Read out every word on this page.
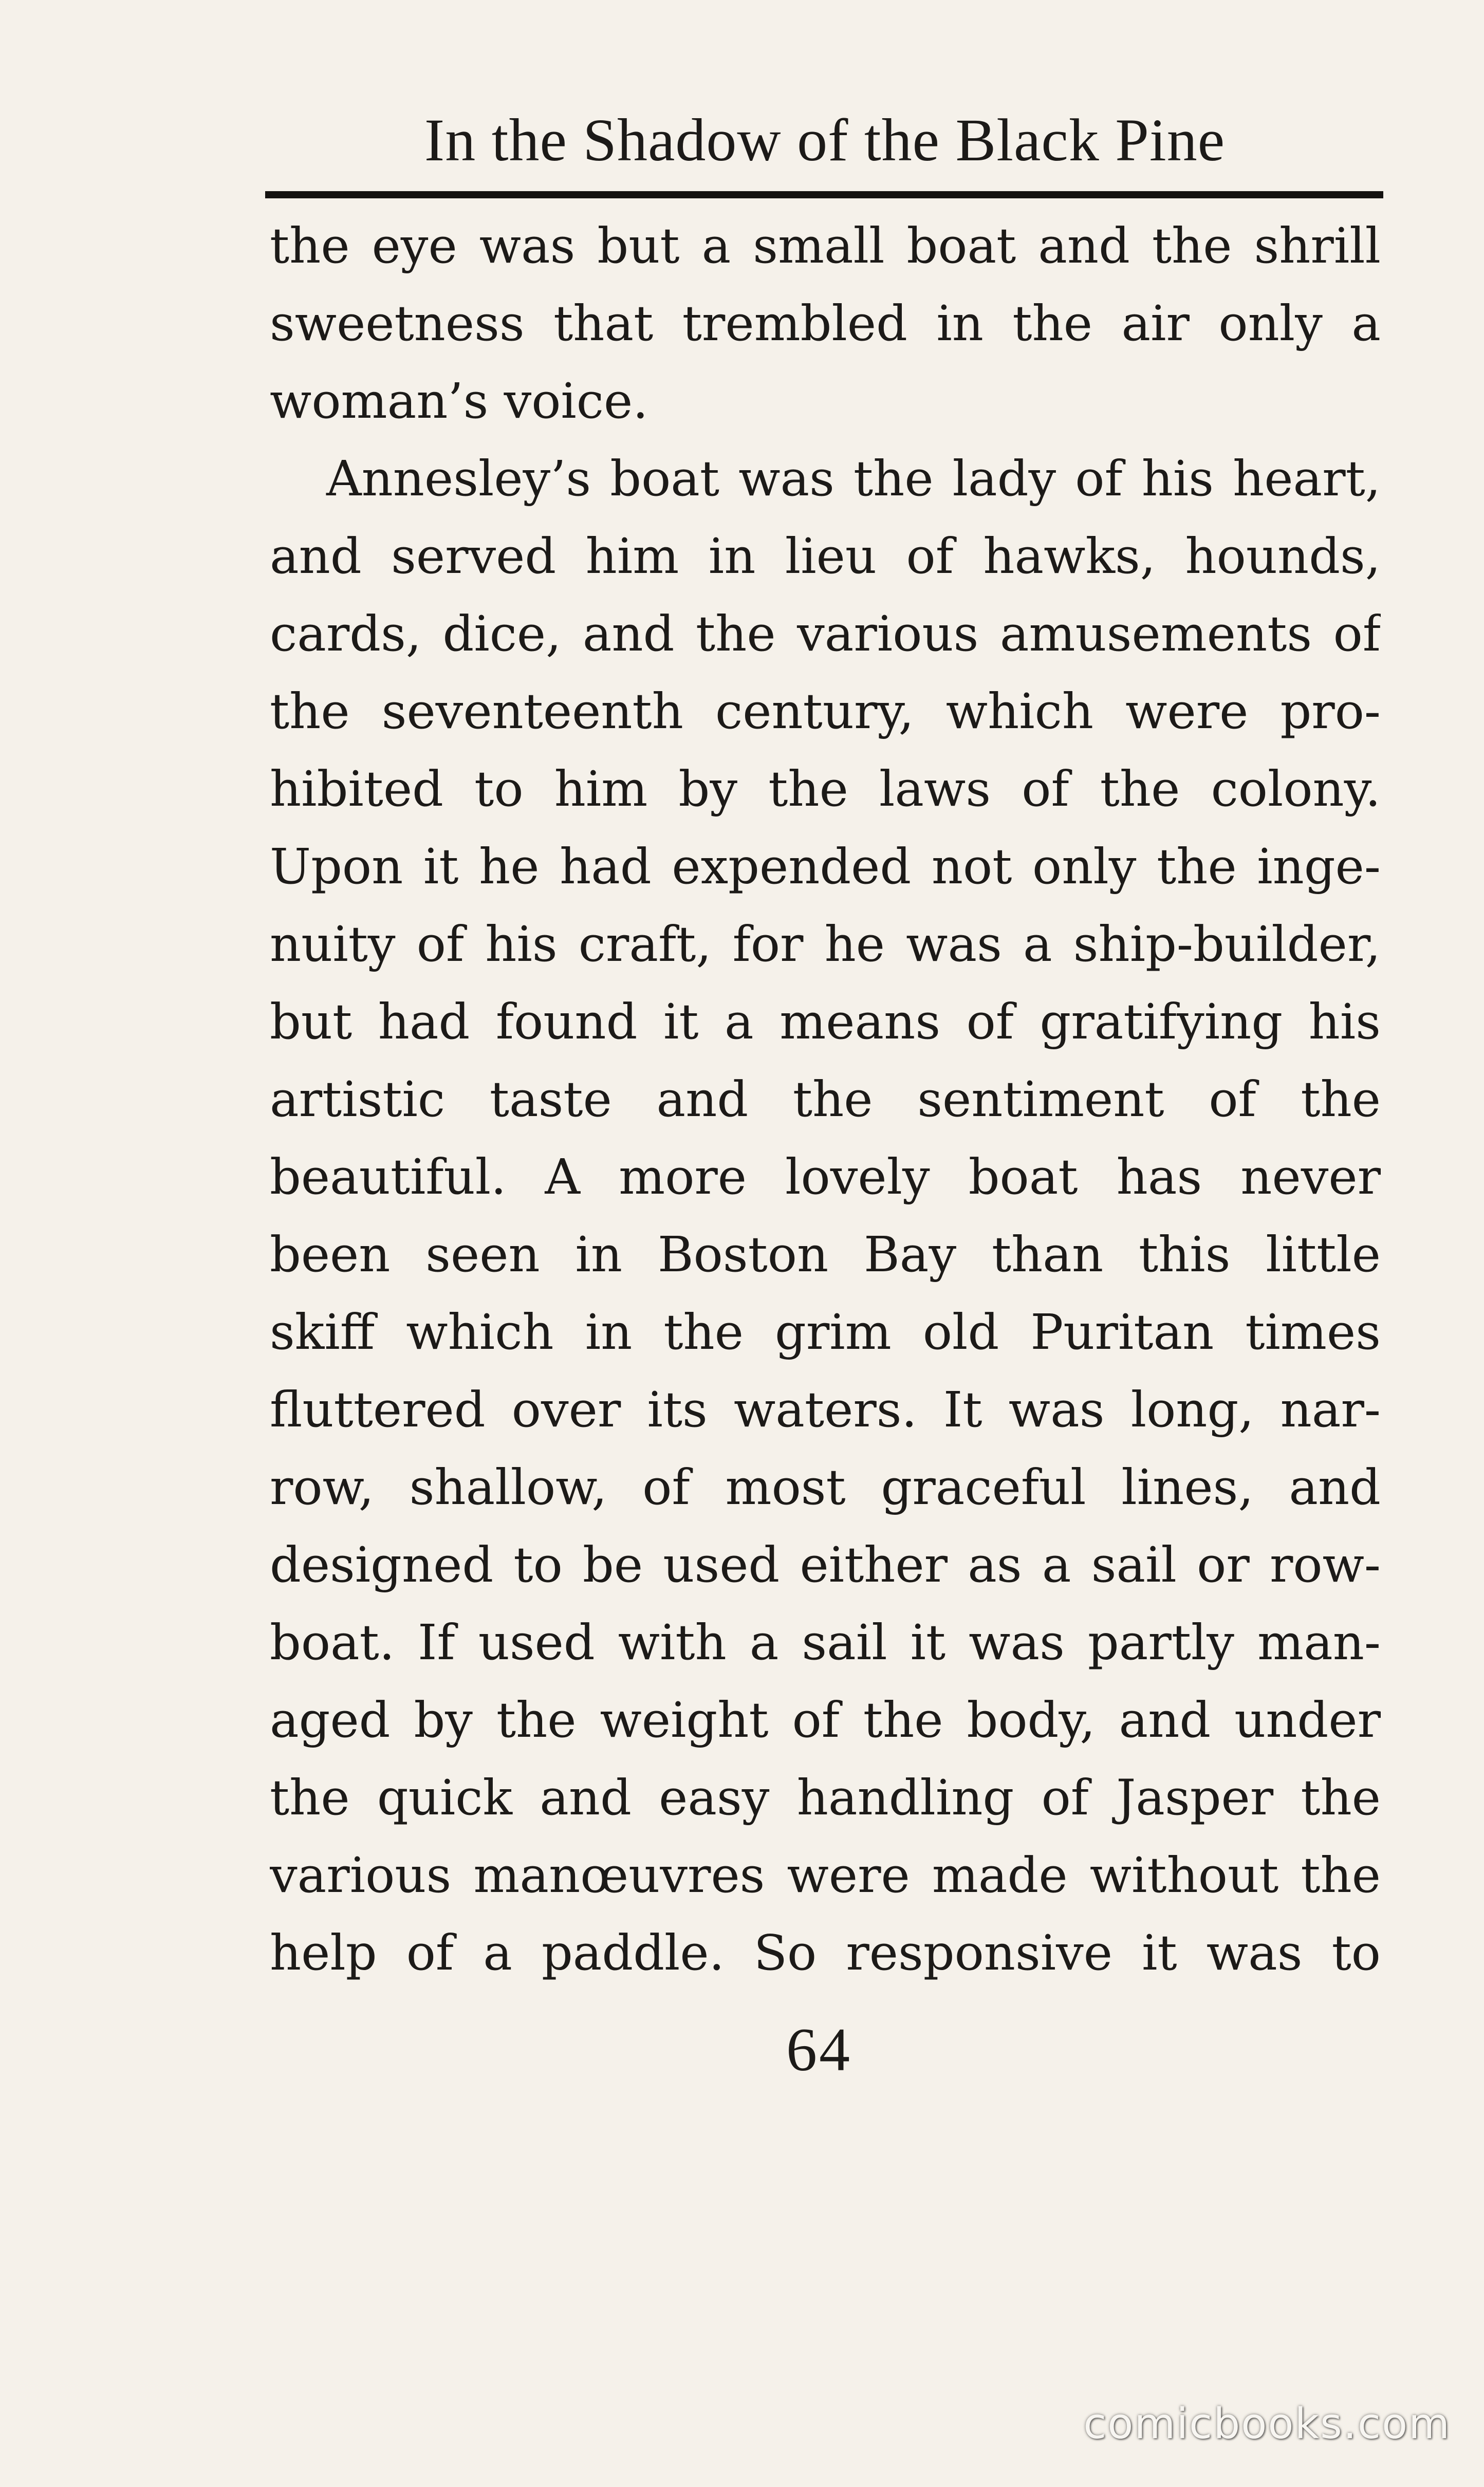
In the Shadow of the Black Pine
the eye was but a small boat and the shrill
sweetness that trembled in the air only a
woman’s voice.
Annesley’s boat was the lady of his heart,
and served him in lieu of hawks, hounds,
cards, dice, and the various amusements of
the seventeenth century, which were pro-
hibited to him by the laws of the colony.
Upon it he had expended not only the inge-
nuity of his craft, for he was a ship-builder,
but had found it a means of gratifying his
artistic taste and the sentiment of the
beautiful. A more lovely boat has never
been seen in Boston Bay than this little
skiff which in the grim old Puritan times
fluttered over its waters. It was long, nar-
row, shallow, of most graceful lines, and
designed to be used either as a sail or row-
boat. If used with a sail it was partly man-
aged by the weight of the body, and under
the quick and easy handling of Jasper the
various manœuvres were made without the
help of a paddle. So responsive it was to
64
comicbooks.com
